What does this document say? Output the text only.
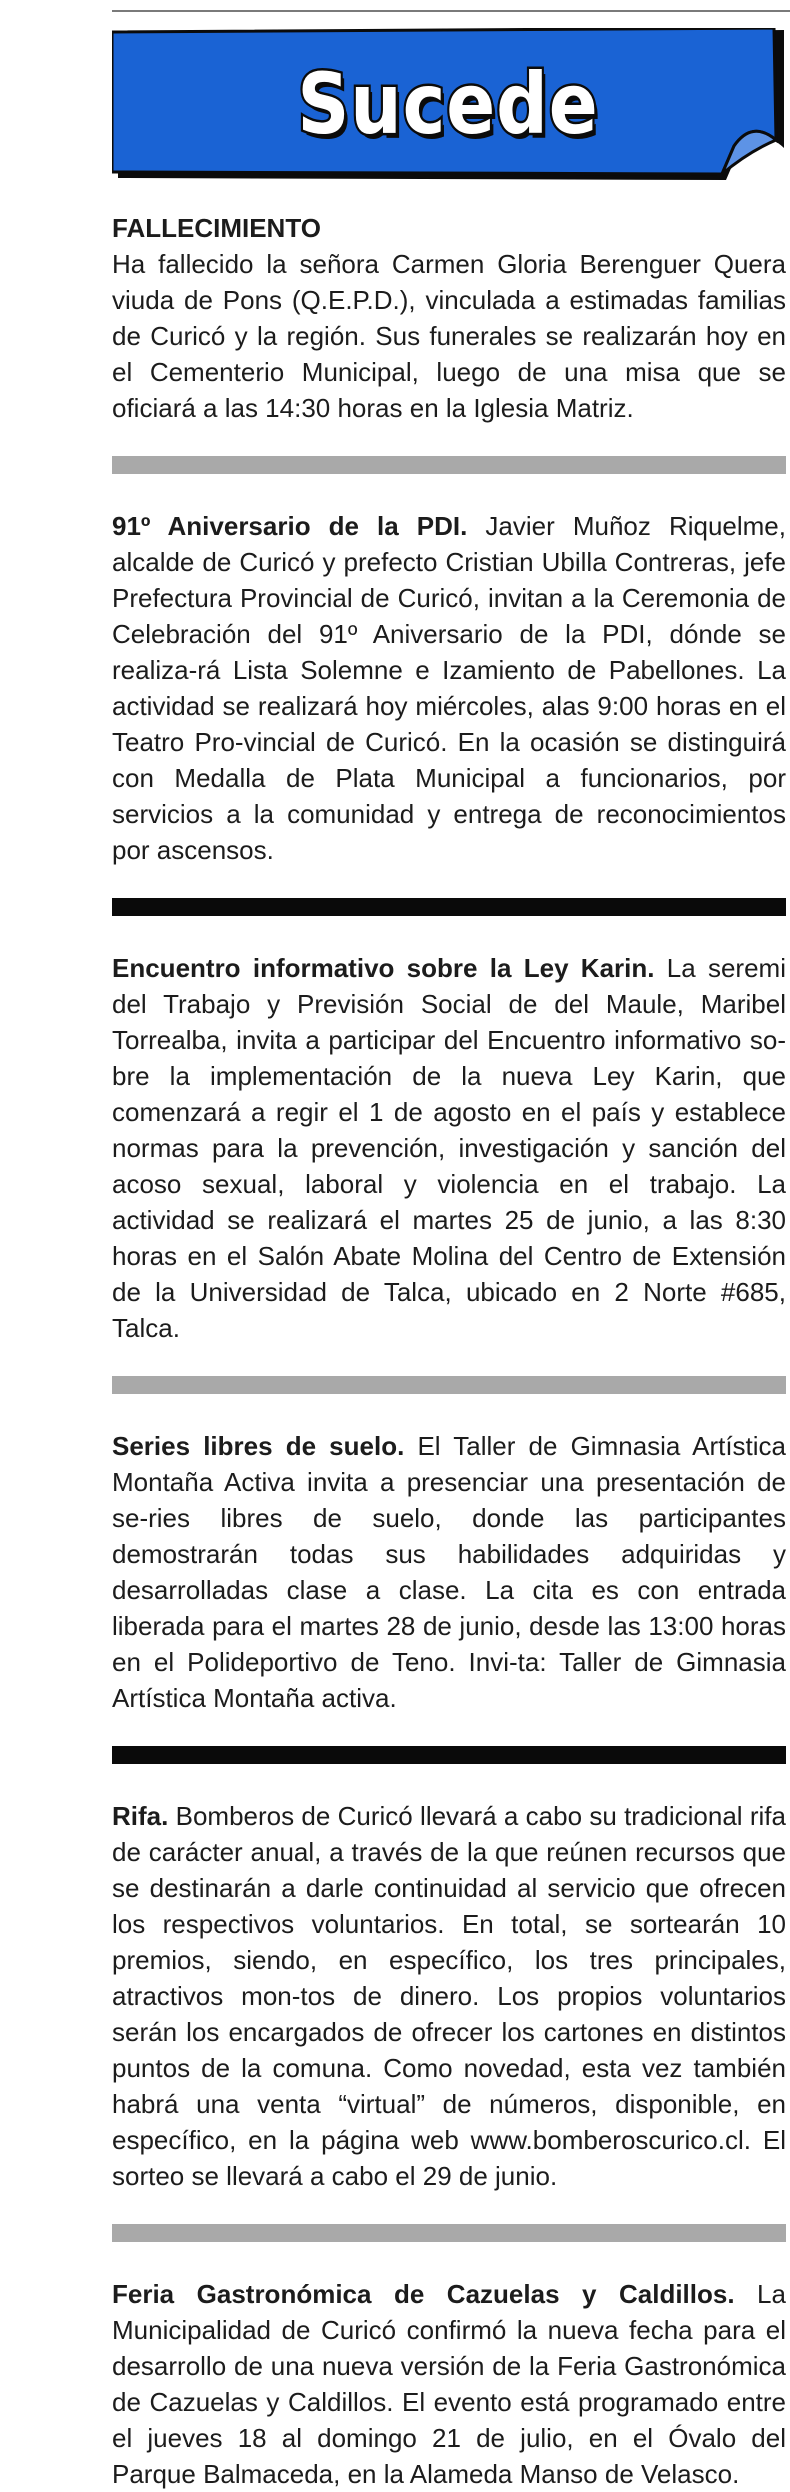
Sucede
FALLECIMIENTO
Ha fallecido la señora Carmen Gloria Berenguer Quera viuda de Pons (Q.E.P.D.), vinculada a estimadas familias de Curicó y la región. Sus funerales se realizarán hoy en el Cementerio Municipal, luego de una misa que se oficiará a las 14:30 horas en la Iglesia Matriz.
91º Aniversario de la PDI. Javier Muñoz Riquelme, alcalde de Curicó y prefecto Cristian Ubilla Contreras, jefe Prefectura Provincial de Curicó, invitan a la Ceremonia de Celebración del 91º Aniversario de la PDI, dónde se realiza-rá Lista Solemne e Izamiento de Pabellones. La actividad se realizará hoy miércoles, alas 9:00 horas en el Teatro Pro-vincial de Curicó. En la ocasión se distinguirá con Medalla de Plata Municipal a funcionarios, por servicios a la comunidad y entrega de reconocimientos por ascensos.
Encuentro informativo sobre la Ley Karin. La seremi del Trabajo y Previsión Social de del Maule, Maribel Torrealba, invita a participar del Encuentro informativo so-bre la implementación de la nueva Ley Karin, que comenzará a regir el 1 de agosto en el país y establece normas para la prevención, investigación y sanción del acoso sexual, laboral y violencia en el trabajo. La actividad se realizará el martes 25 de junio, a las 8:30 horas en el Salón Abate Molina del Centro de Extensión de la Universidad de Talca, ubicado en 2 Norte #685, Talca.
Series libres de suelo. El Taller de Gimnasia Artística Montaña Activa invita a presenciar una presentación de se-ries libres de suelo, donde las participantes demostrarán todas sus habilidades adquiridas y desarrolladas clase a clase. La cita es con entrada liberada para el martes 28 de junio, desde las 13:00 horas en el Polideportivo de Teno. Invi-ta: Taller de Gimnasia Artística Montaña activa.
Rifa. Bomberos de Curicó llevará a cabo su tradicional rifa de carácter anual, a través de la que reúnen recursos que se destinarán a darle continuidad al servicio que ofrecen los respectivos voluntarios. En total, se sortearán 10 premios, siendo, en específico, los tres principales, atractivos mon-tos de dinero. Los propios voluntarios serán los encargados de ofrecer los cartones en distintos puntos de la comuna. Como novedad, esta vez también habrá una venta “virtual” de números, disponible, en específico, en la página web www.bomberoscurico.cl. El sorteo se llevará a cabo el 29 de junio.
Feria Gastronómica de Cazuelas y Caldillos. La Municipalidad de Curicó confirmó la nueva fecha para el desarrollo de una nueva versión de la Feria Gastronómica de Cazuelas y Caldillos. El evento está programado entre el jueves 18 al domingo 21 de julio, en el Óvalo del Parque Balmaceda, en la Alameda Manso de Velasco.
